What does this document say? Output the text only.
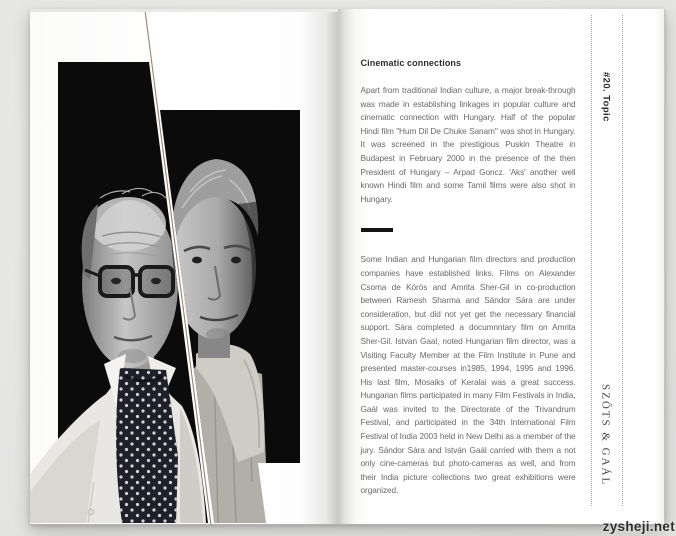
Cinematic connections

Apart from traditional Indian culture, a major break-through was made in establishing linkages in popular culture and cinematic connection with Hungary. Half of the popular Hindi film "Hum Dil De Chuke Sanam" was shot in Hungary. It was screened in the prestigious Puskin Theatre in Budapest in February 2000 in the presence of the then President of Hungary – Arpad Goncz. 'Aks' another well known Hindi film and some Tamil films were also shot in Hungary.

Some Indian and Hungarian film directors and production companies have established links. Films on Alexander Csoma de Körös and Amrita Sher-Gil in co-production between Ramesh Sharma and Sándor Sára are under consideration, but did not yet get the necessary financial support. Sára completed a documnntary film on Amrita Sher-Gil. Istvan Gaal, noted Hungarian film director, was a Visiting Faculty Member at the Film Institute in Pune and presented master-courses in1985, 1994, 1995 and 1996. His last film, Mosaiks of Keralai was a great success. Hungarian films participated in many Film Festivals in India, Gaál was invited to the Directorate of the Trivandrum Festival, and participated in the 34th International Film Festival of India 2003 held in New Delhi as a member of the jury. Sándor Sára and István Gaál carried with them a not only cine-cameras but photo-cameras as well, and from their India picture collections two great exhibitions were organized.

#20. Topic
SZŐTS & GAÁL
zysheji.net
